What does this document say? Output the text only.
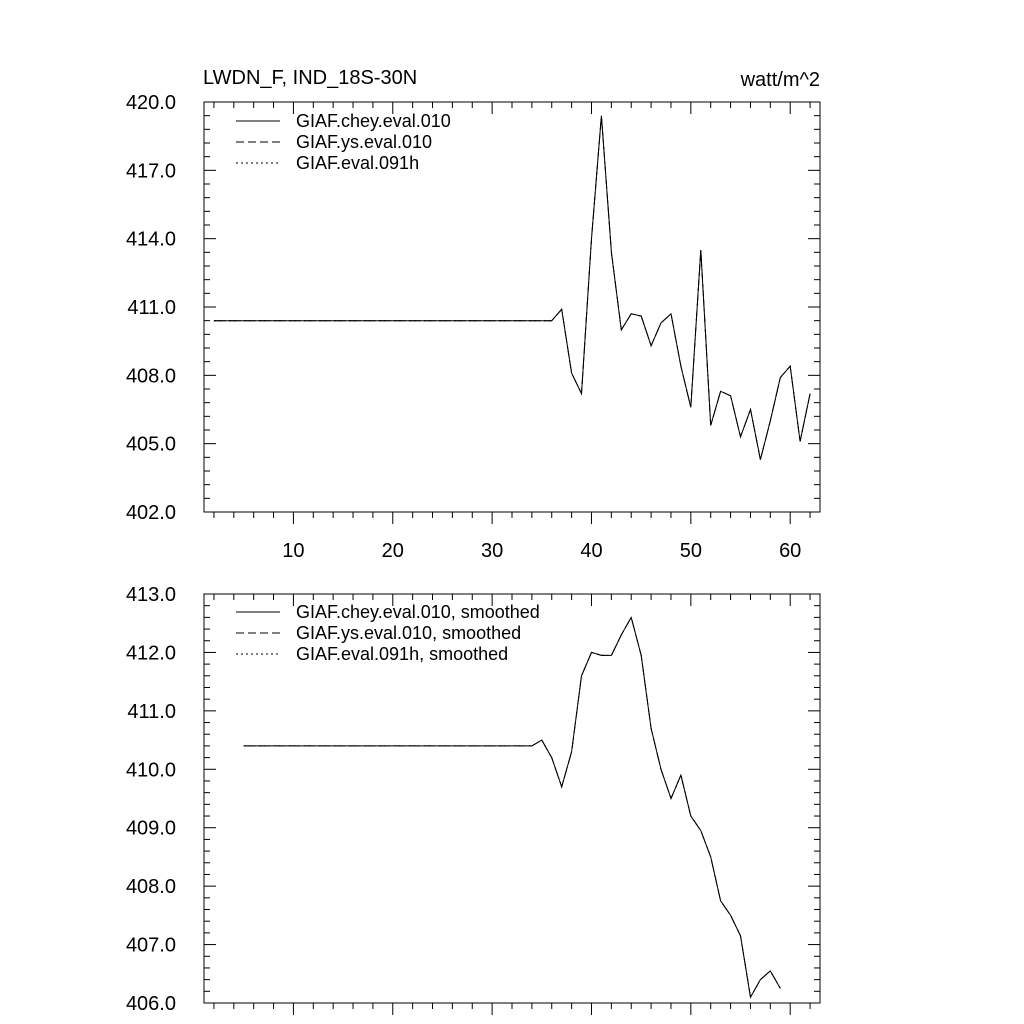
LWDN_F, IND_18S-30N	watt/m^2
402.0
405.0
408.0
411.0
414.0
417.0
420.0
10	20	30	40	50	60
GIAF.chey.eval.010
GIAF.ys.eval.010
GIAF.eval.091h
406.0
407.0
408.0
409.0
410.0
411.0
412.0
413.0
GIAF.chey.eval.010, smoothed
GIAF.ys.eval.010, smoothed
GIAF.eval.091h, smoothed
